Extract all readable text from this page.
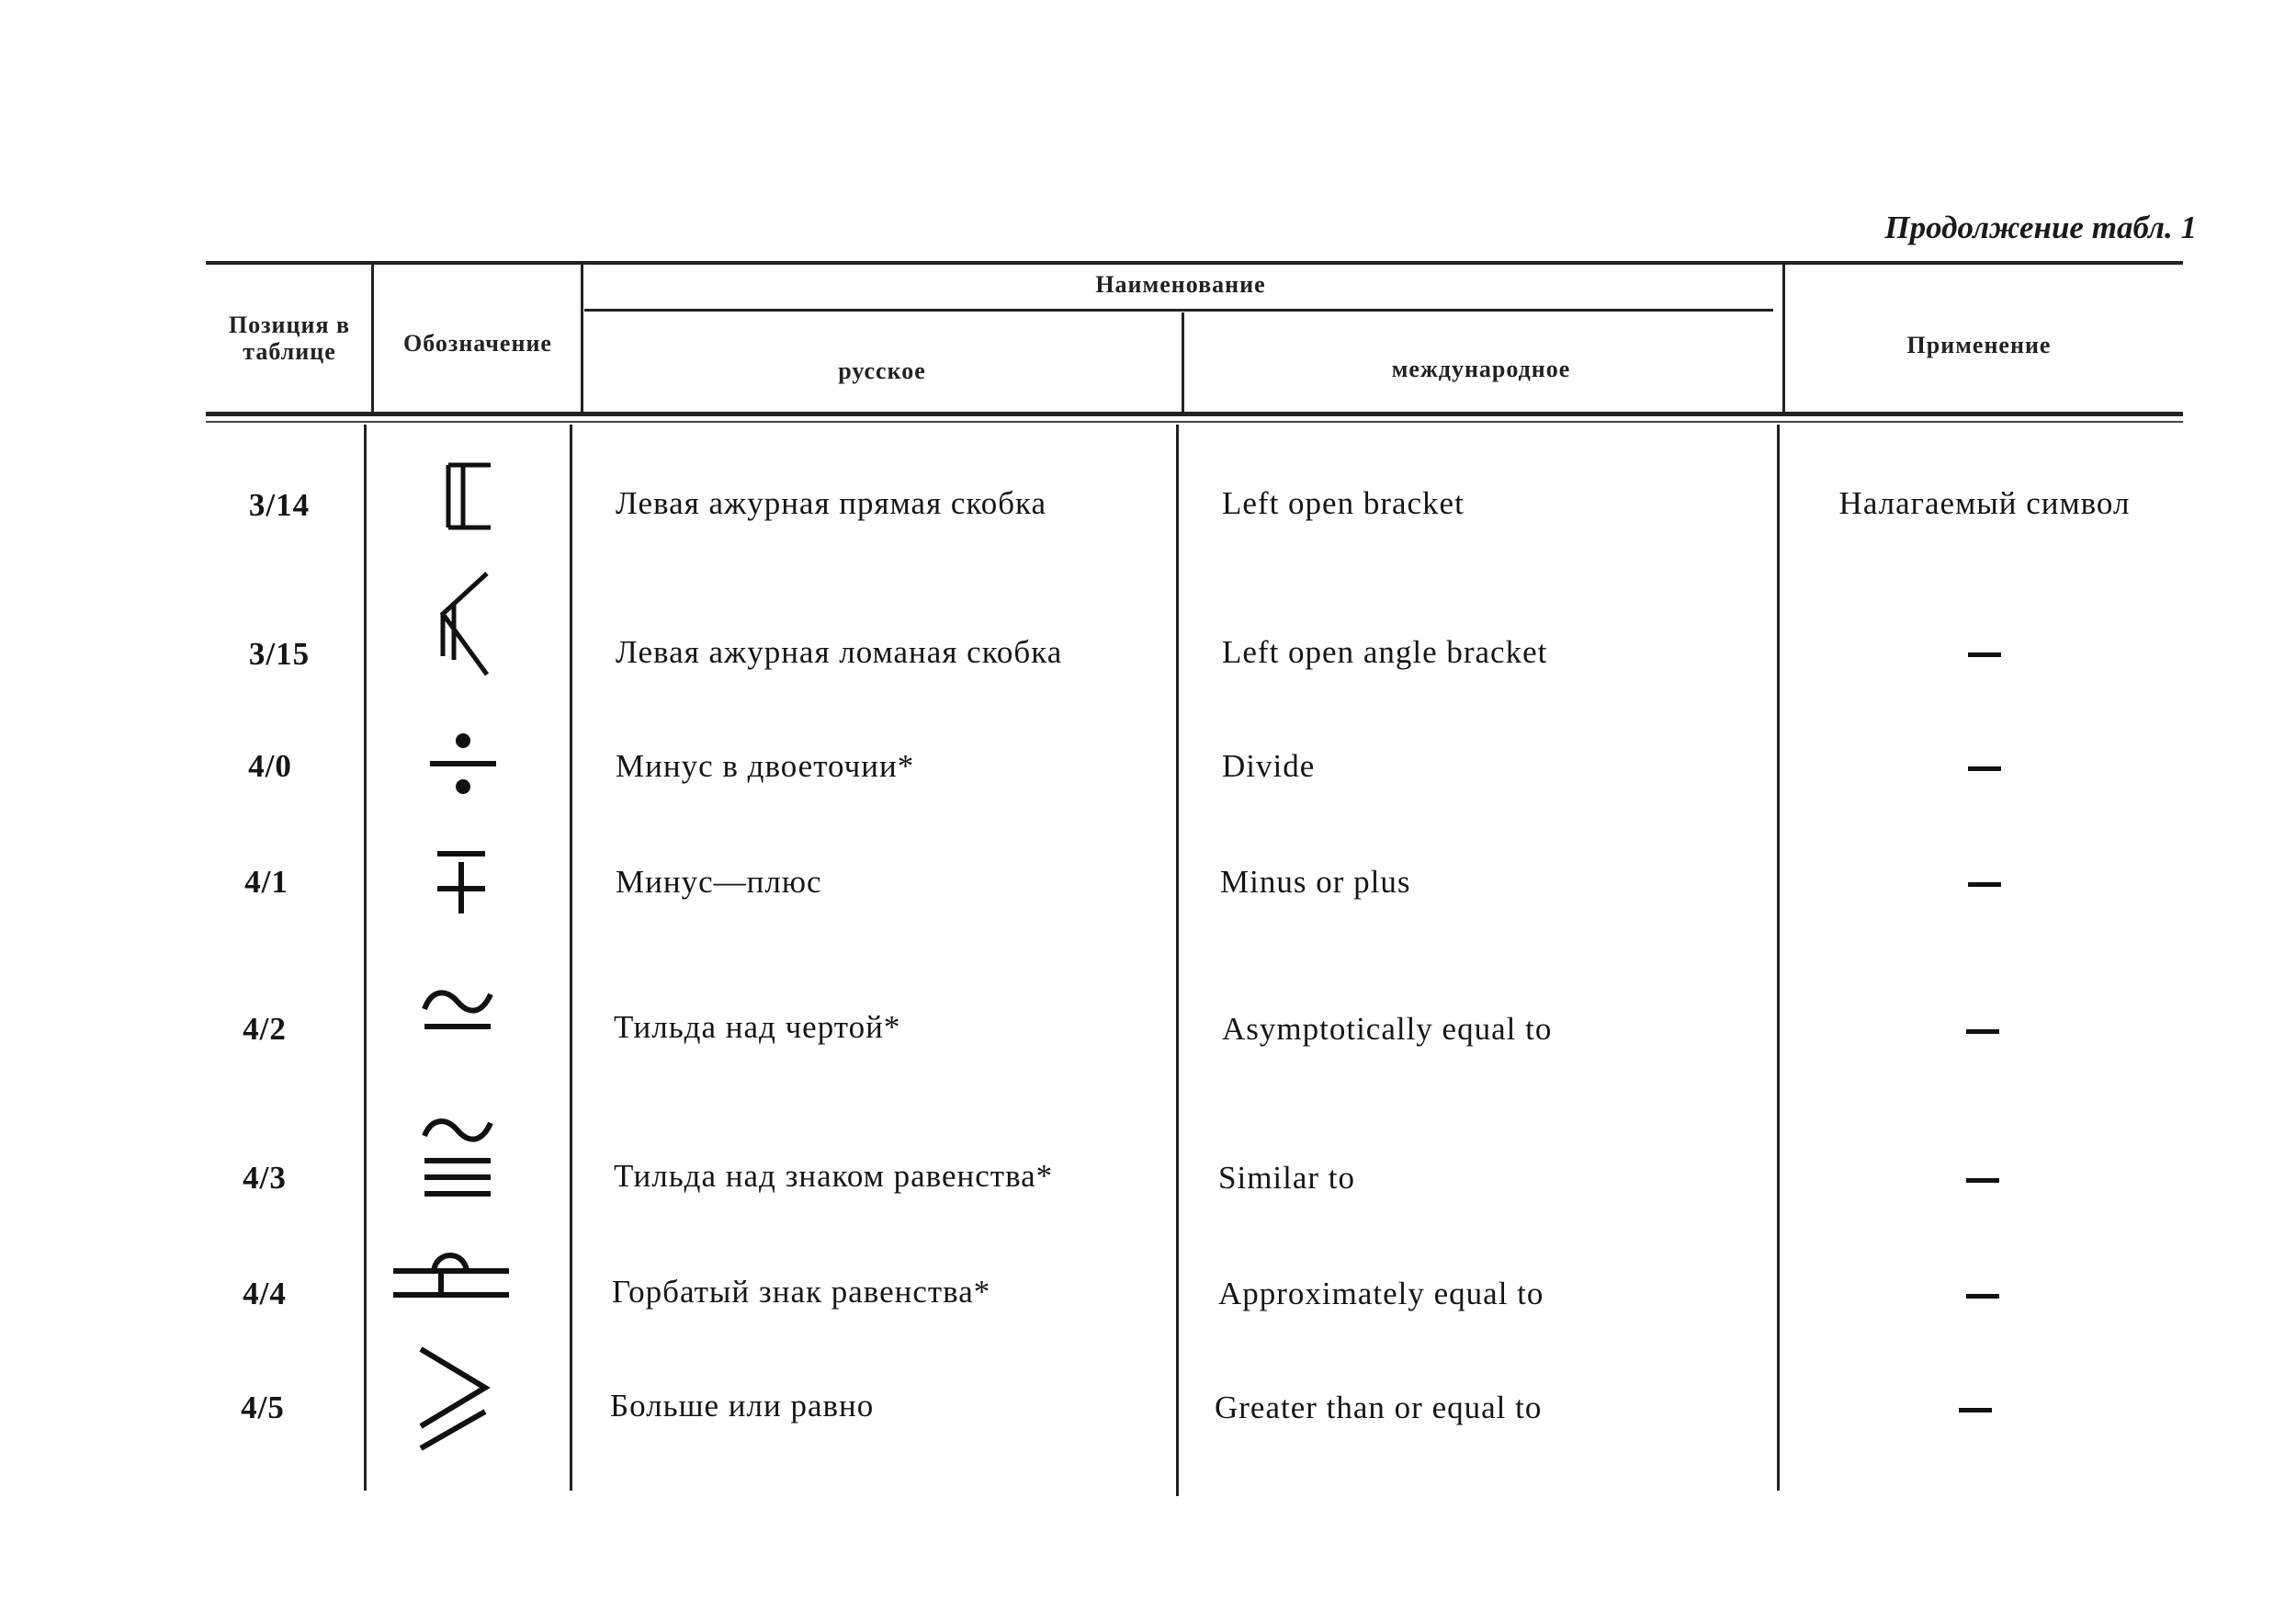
Продолжение табл. 1
Позиция в таблице	Обозначение
Наименование
русское	международное
Применение
3/14	Левая ажурная прямая скобка	Left open bracket	Налагаемый символ
3/15	Левая ажурная ломаная скобка	Left open angle bracket
4/0	Минус в двоеточии*	Divide
4/1	Минус—плюс	Minus or plus
4/2	Тильда над чертой*	Asymptotically equal to
4/3	Тильда над знаком равенства*	Similar to
4/4	Горбатый знак равенства*	Approximately equal to
4/5	Больше или равно	Greater than or equal to
